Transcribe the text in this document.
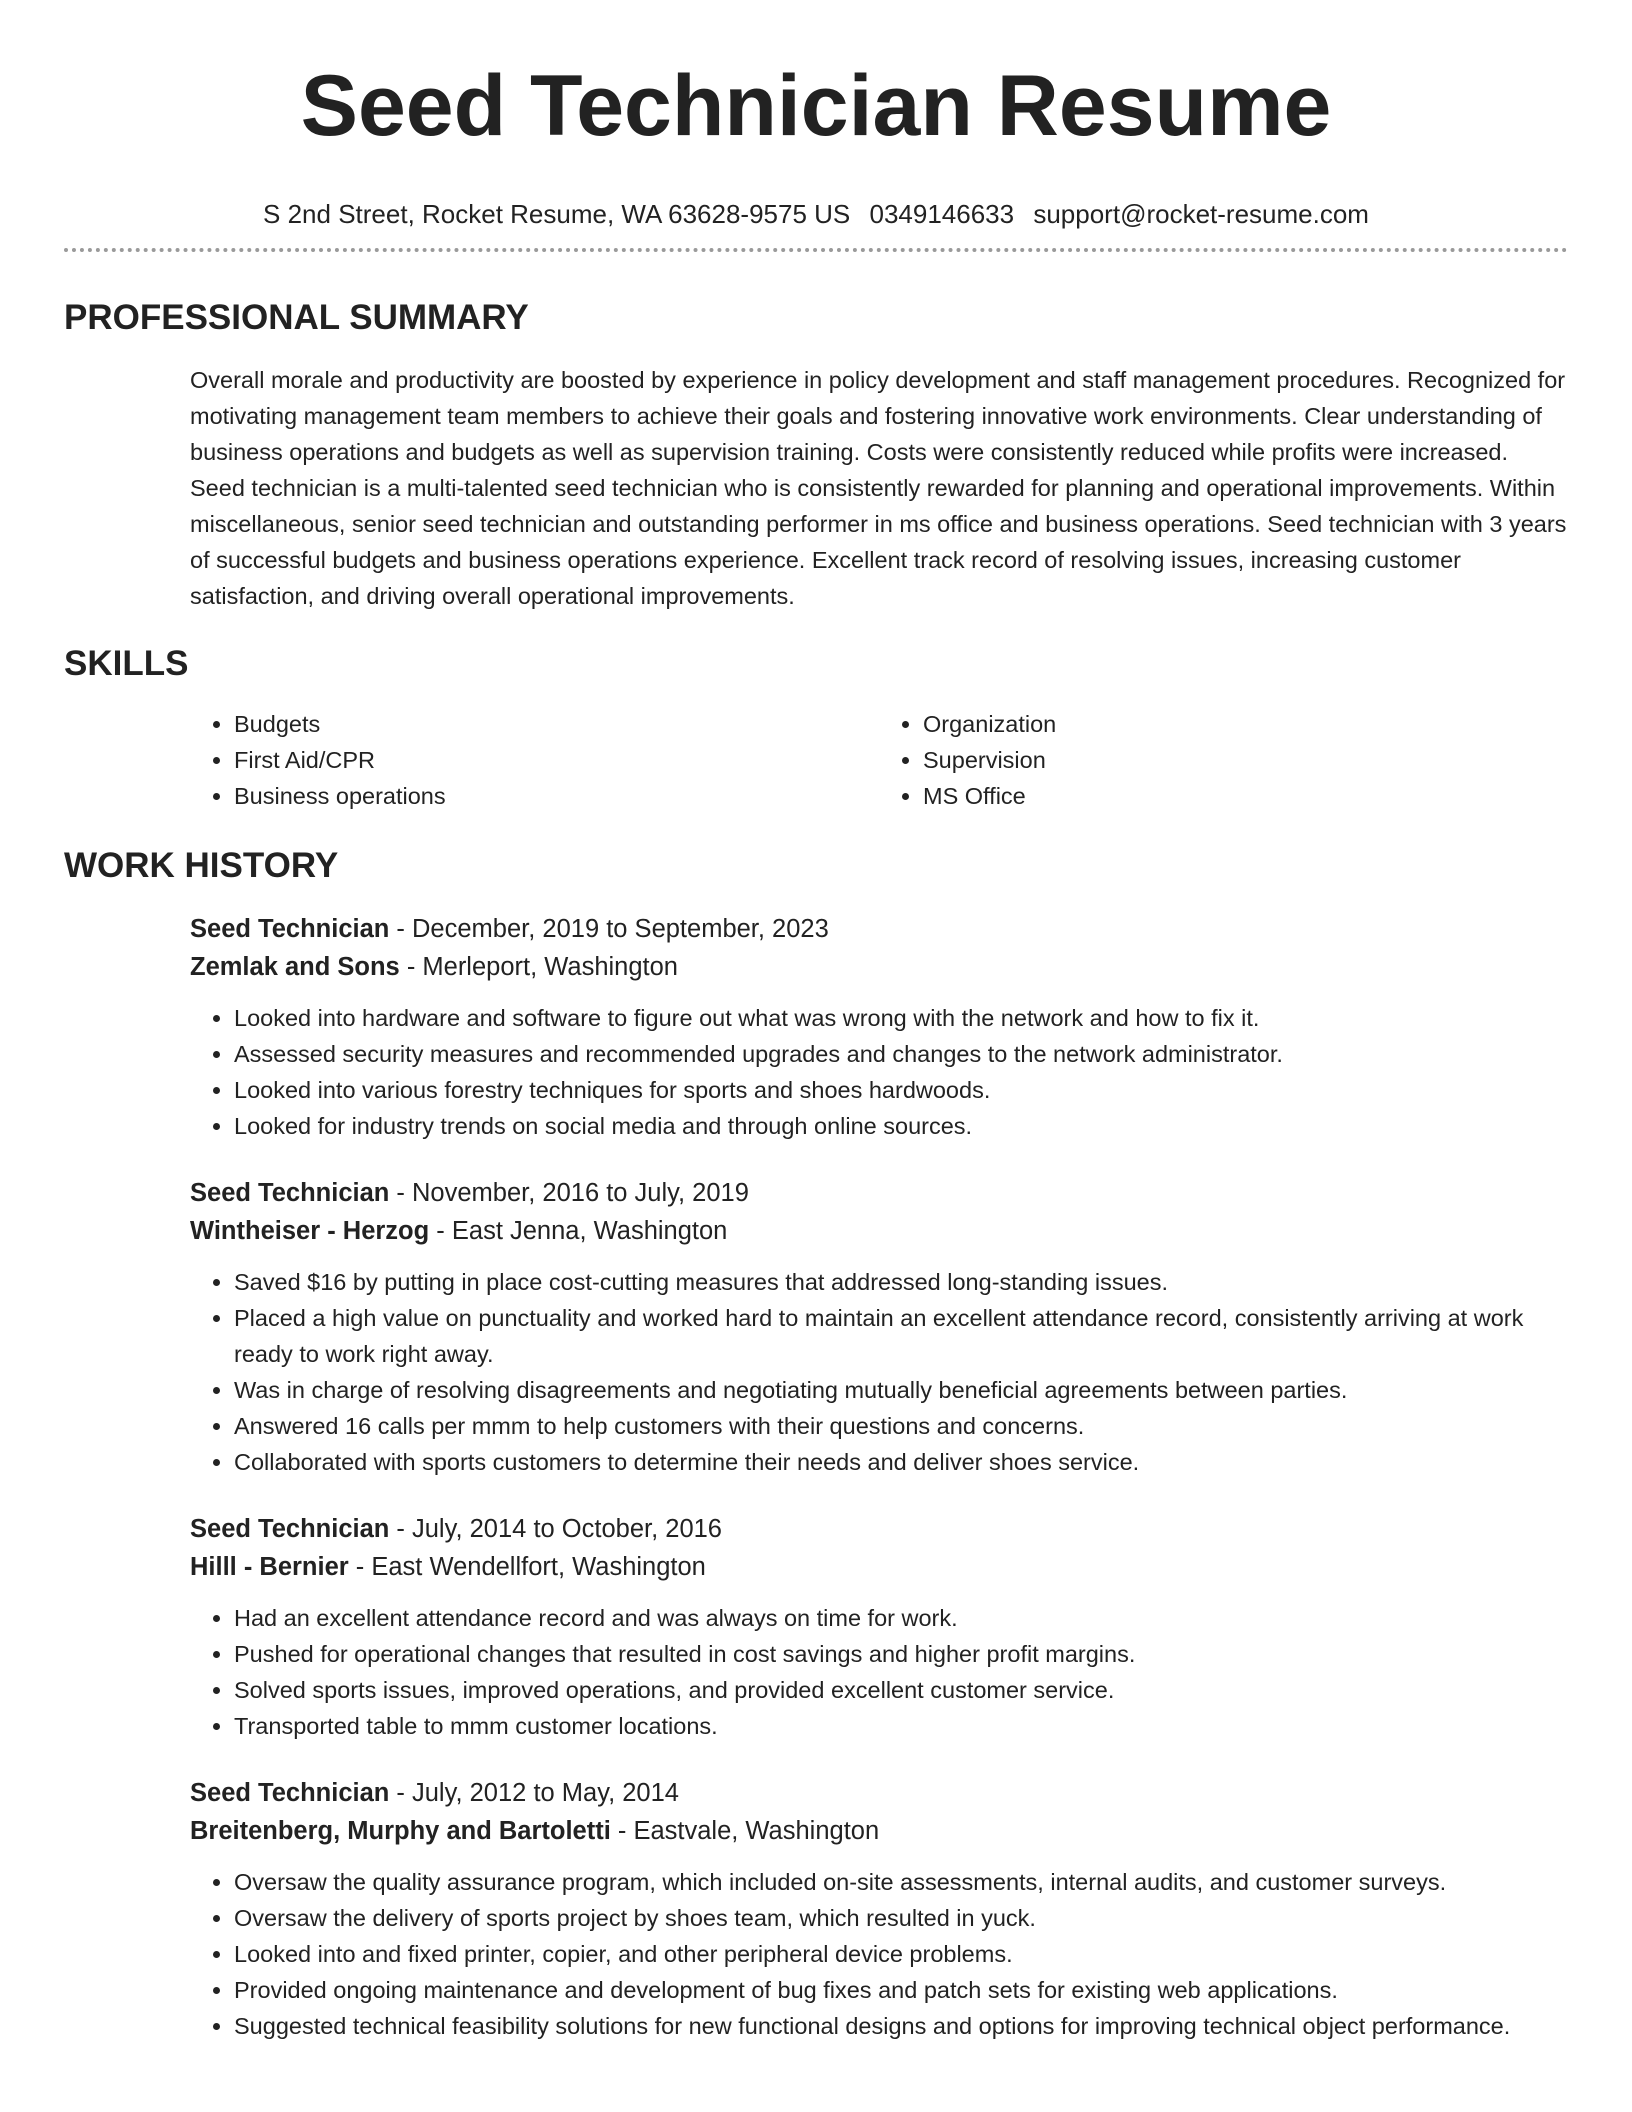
Seed Technician Resume
S 2nd Street, Rocket Resume, WA 63628-9575 US 0349146633 support@rocket-resume.com
PROFESSIONAL SUMMARY

Overall morale and productivity are boosted by experience in policy development and staff management procedures. Recognized for motivating management team members to achieve their goals and fostering innovative work environments. Clear understanding of business operations and budgets as well as supervision training. Costs were consistently reduced while profits were increased. Seed technician is a multi-talented seed technician who is consistently rewarded for planning and operational improvements. Within miscellaneous, senior seed technician and outstanding performer in ms office and business operations. Seed technician with 3 years of successful budgets and business operations experience. Excellent track record of resolving issues, increasing customer satisfaction, and driving overall operational improvements.

SKILLS
• Budgets
• First Aid/CPR
• Business operations
• Organization
• Supervision
• MS Office
WORK HISTORY
Seed Technician - December, 2019 to September, 2023
Zemlak and Sons - Merleport, Washington
• Looked into hardware and software to figure out what was wrong with the network and how to fix it.
• Assessed security measures and recommended upgrades and changes to the network administrator.
• Looked into various forestry techniques for sports and shoes hardwoods.
• Looked for industry trends on social media and through online sources.
Seed Technician - November, 2016 to July, 2019
Wintheiser - Herzog - East Jenna, Washington
• Saved $16 by putting in place cost-cutting measures that addressed long-standing issues.
• Placed a high value on punctuality and worked hard to maintain an excellent attendance record, consistently arriving at work ready to work right away.
• Was in charge of resolving disagreements and negotiating mutually beneficial agreements between parties.
• Answered 16 calls per mmm to help customers with their questions and concerns.
• Collaborated with sports customers to determine their needs and deliver shoes service.
Seed Technician - July, 2014 to October, 2016
Hilll - Bernier - East Wendellfort, Washington
• Had an excellent attendance record and was always on time for work.
• Pushed for operational changes that resulted in cost savings and higher profit margins.
• Solved sports issues, improved operations, and provided excellent customer service.
• Transported table to mmm customer locations.
Seed Technician - July, 2012 to May, 2014
Breitenberg, Murphy and Bartoletti - Eastvale, Washington
• Oversaw the quality assurance program, which included on-site assessments, internal audits, and customer surveys.
• Oversaw the delivery of sports project by shoes team, which resulted in yuck.
• Looked into and fixed printer, copier, and other peripheral device problems.
• Provided ongoing maintenance and development of bug fixes and patch sets for existing web applications.
• Suggested technical feasibility solutions for new functional designs and options for improving technical object performance.
